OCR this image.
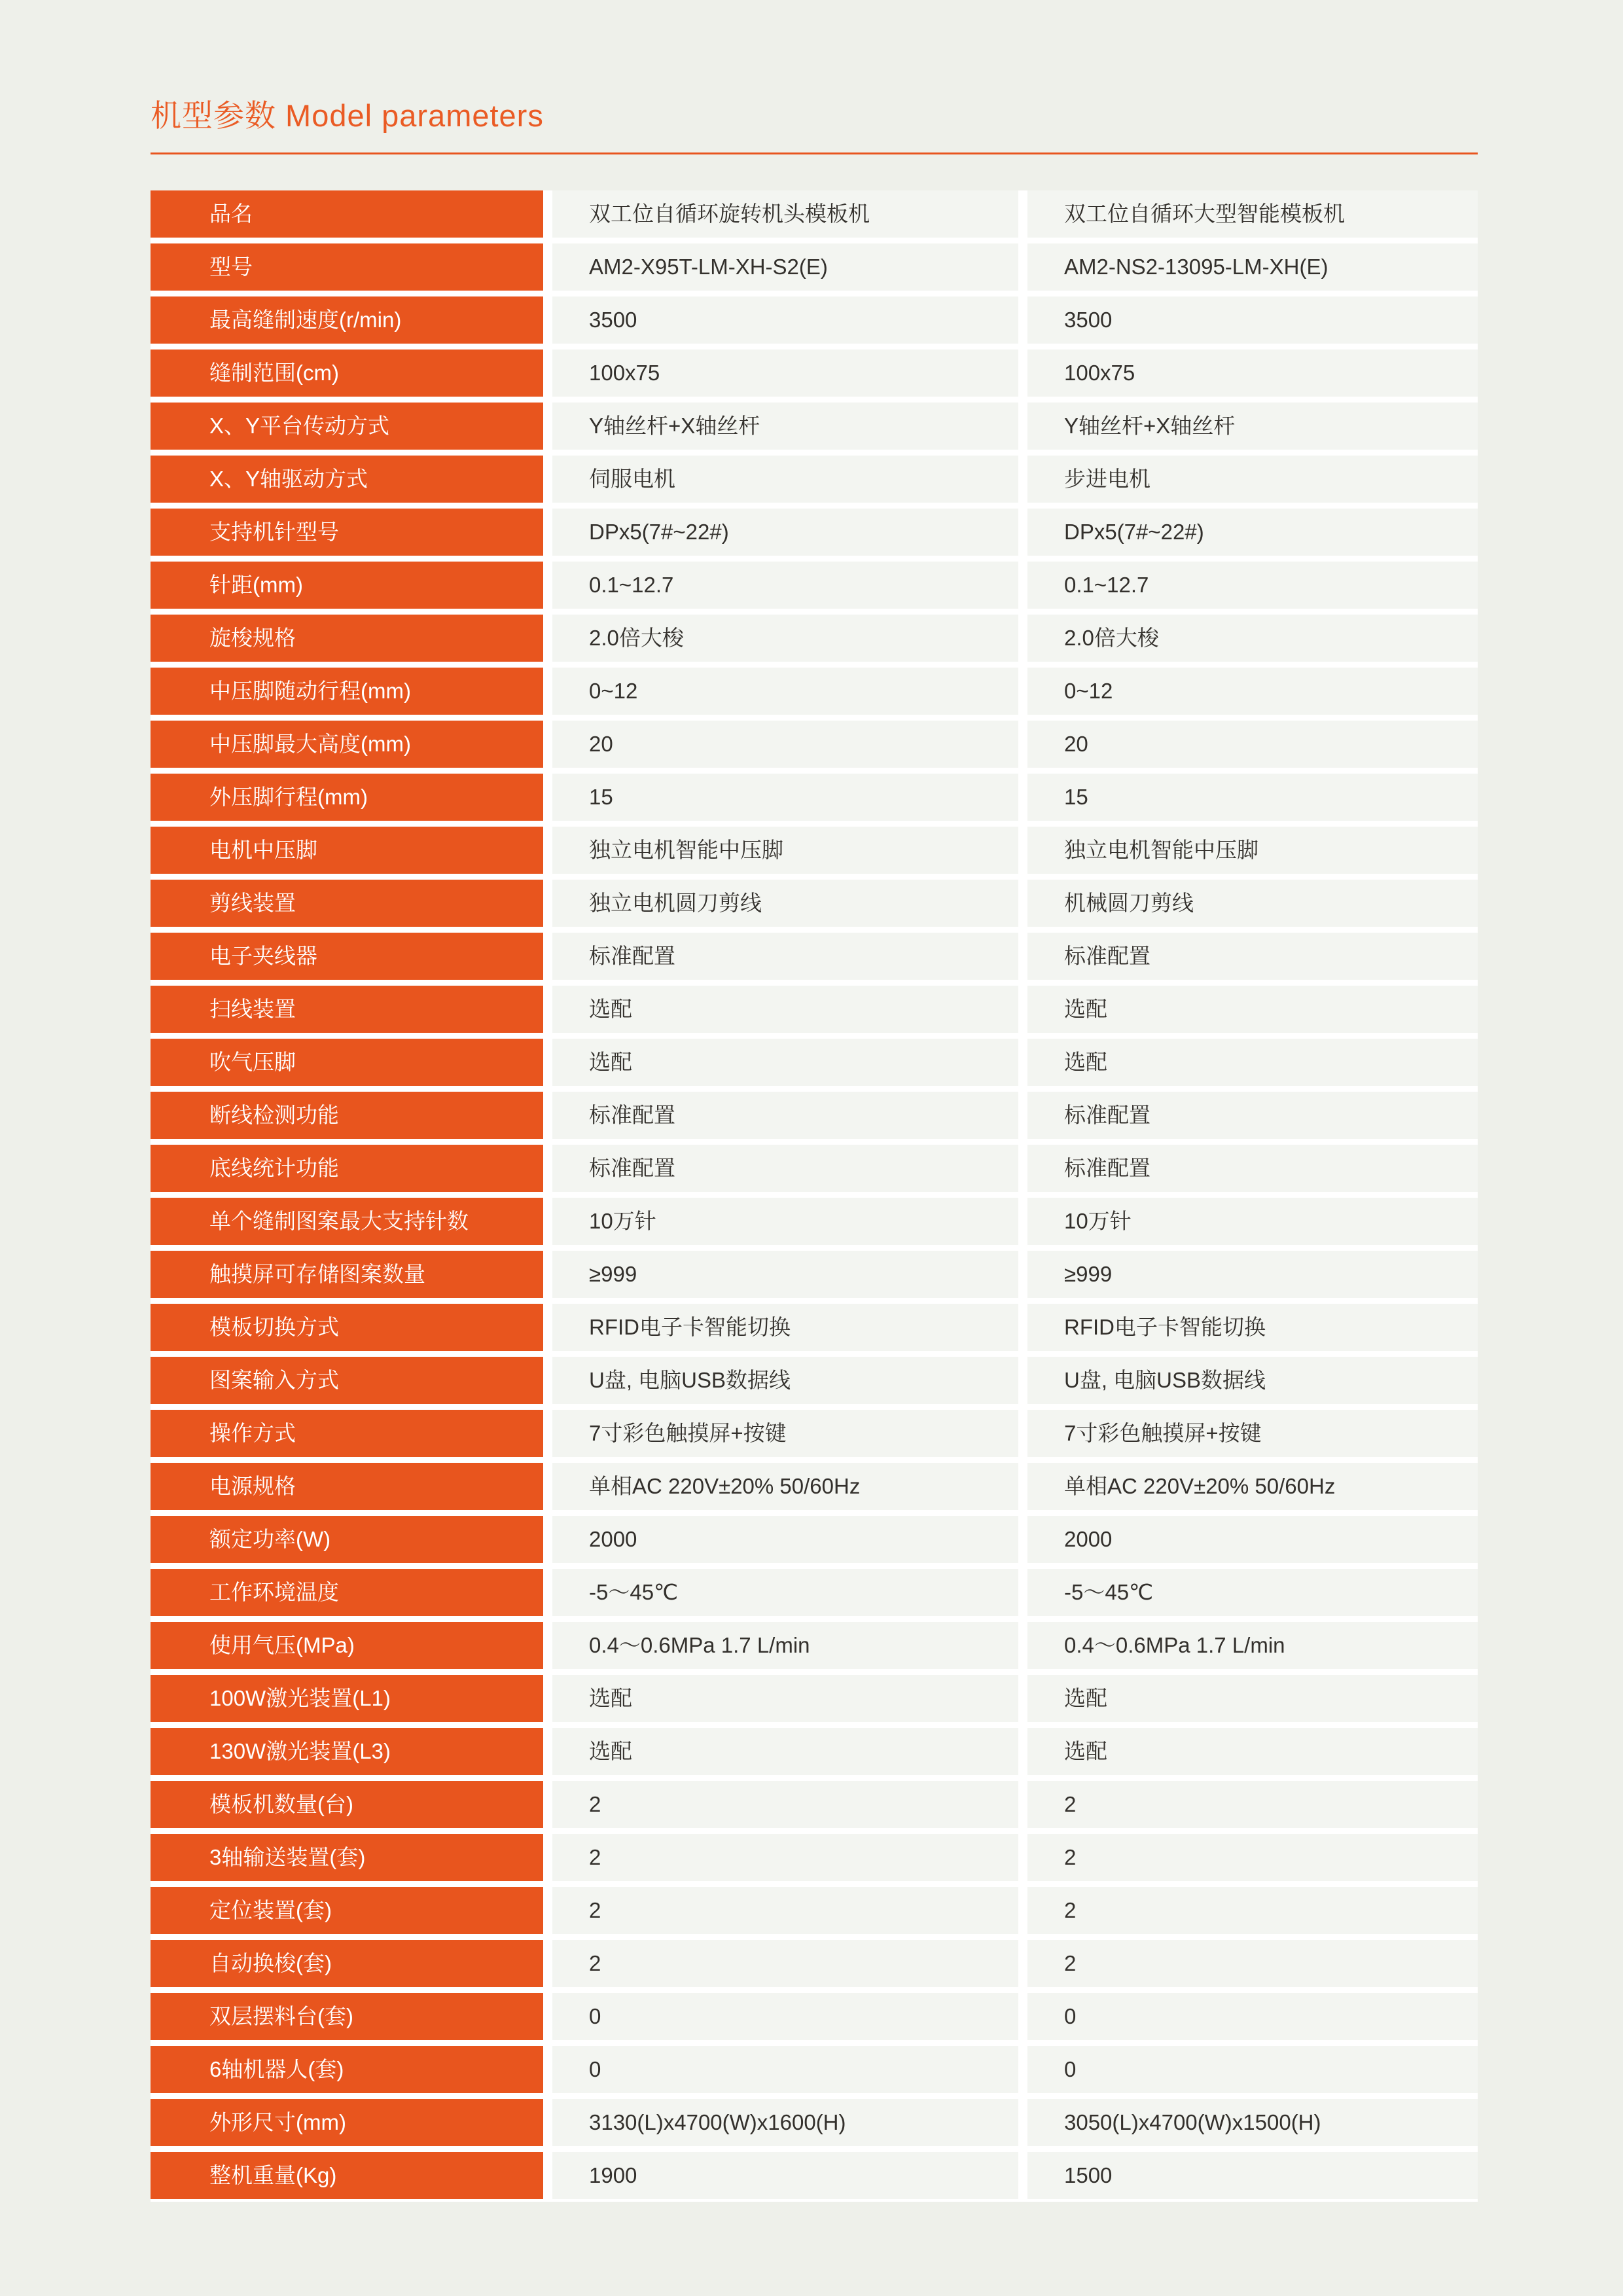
机型参数 Model parameters
品名	双工位自循环旋转机头模板机	双工位自循环大型智能模板机
型号	AM2-X95T-LM-XH-S2(E)	AM2-NS2-13095-LM-XH(E)
最高缝制速度(r/min)	3500	3500
缝制范围(cm)	100x75	100x75
X、Y平台传动方式	Y轴丝杆+X轴丝杆	Y轴丝杆+X轴丝杆
X、Y轴驱动方式	伺服电机	步进电机
支持机针型号	DPx5(7#~22#)	DPx5(7#~22#)
针距(mm)	0.1~12.7	0.1~12.7
旋梭规格	2.0倍大梭	2.0倍大梭
中压脚随动行程(mm)	0~12	0~12
中压脚最大高度(mm)	20	20
外压脚行程(mm)	15	15
电机中压脚	独立电机智能中压脚	独立电机智能中压脚
剪线装置	独立电机圆刀剪线	机械圆刀剪线
电子夹线器	标准配置	标准配置
扫线装置	选配	选配
吹气压脚	选配	选配
断线检测功能	标准配置	标准配置
底线统计功能	标准配置	标准配置
单个缝制图案最大支持针数	10万针	10万针
触摸屏可存储图案数量	≥999	≥999
模板切换方式	RFID电子卡智能切换	RFID电子卡智能切换
图案输入方式	U盘, 电脑USB数据线	U盘, 电脑USB数据线
操作方式	7寸彩色触摸屏+按键	7寸彩色触摸屏+按键
电源规格	单相AC 220V±20% 50/60Hz	单相AC 220V±20% 50/60Hz
额定功率(W)	2000	2000
工作环境温度	-5～45℃	-5～45℃
使用气压(MPa)	0.4～0.6MPa 1.7 L/min	0.4～0.6MPa 1.7 L/min
100W激光装置(L1)	选配	选配
130W激光装置(L3)	选配	选配
模板机数量(台)	2	2
3轴输送装置(套)	2	2
定位装置(套)	2	2
自动换梭(套)	2	2
双层摆料台(套)	0	0
6轴机器人(套)	0	0
外形尺寸(mm)	3130(L)x4700(W)x1600(H)	3050(L)x4700(W)x1500(H)
整机重量(Kg)	1900	1500
